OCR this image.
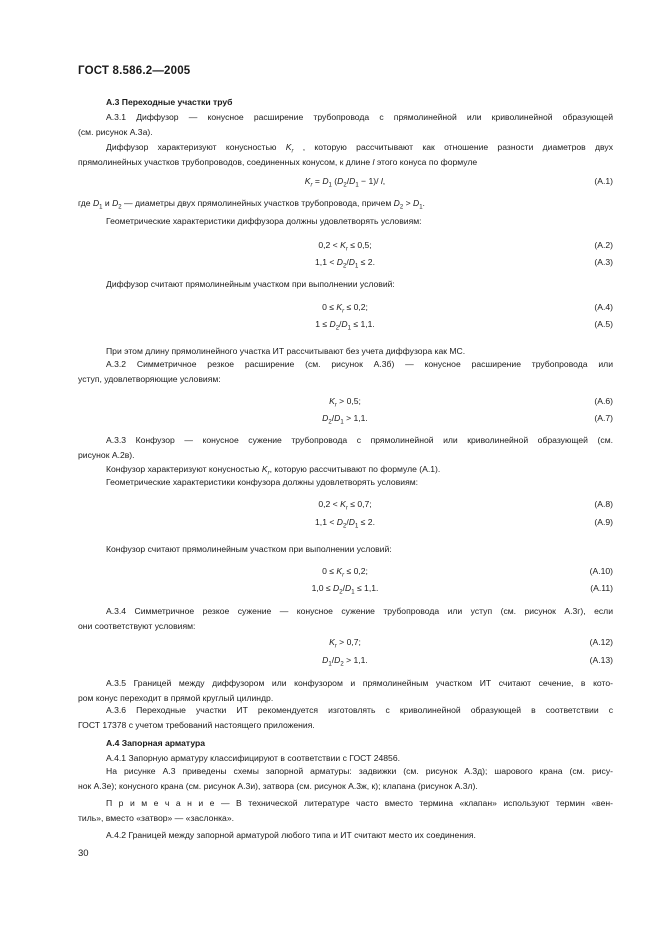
ГОСТ 8.586.2—2005
А.3 Переходные участки труб
А.3.1 Диффузор — конусное расширение трубопровода с прямолинейной или криволинейной образующей
(см. рисунок А.3а).
Диффузор характеризуют конусностью $K_r$ , которую рассчитывают как отношение разности диаметров двух
прямолинейных участков трубопроводов, соединенных конусом, к длине l этого конуса по формуле
$K_r = D_1$ $(D_2/D_1 - 1)/$ l,	(А.1)
где $D_1$ и $D_2$ — диаметры двух прямолинейных участков трубопровода, причем $D_2 > D_1$.
Геометрические характеристики диффузора должны удовлетворять условиям:
$0,2 < K_r \le 0,5$;	(А.2)
$1,1 < D_2/D_1 \le 2$.	(А.3)
Диффузор считают прямолинейным участком при выполнении условий:
$0 \le K_r \le 0,2$;	(А.4)
$1 \le D_2/D_1 \le 1,1$.	(А.5)
При этом длину прямолинейного участка ИТ рассчитывают без учета диффузора как МС.
А.3.2 Симметричное резкое расширение (см. рисунок А.3б) — конусное расширение трубопровода или
уступ, удовлетворяющие условиям:
$K_r > 0,5$;	(А.6)
$D_2/D_1 > 1,1$.	(А.7)
А.3.3 Конфузор — конусное сужение трубопровода с прямолинейной или криволинейной образующей (см.
рисунок А.2в).
Конфузор характеризуют конусностью $K_r$, которую рассчитывают по формуле (А.1).
Геометрические характеристики конфузора должны удовлетворять условиям:
$0,2 < K_r \le 0,7$;	(А.8)
$1,1 < D_2/D_1 \le 2$.	(А.9)
Конфузор считают прямолинейным участком при выполнении условий:
$0 \le K_r \le 0,2$;	(А.10)
$1,0 \le D_2/D_1 \le 1,1$.	(А.11)
А.3.4 Симметричное резкое сужение — конусное сужение трубопровода или уступ (см. рисунок А.3г), если
они соответствуют условиям:
$K_r > 0,7$;	(А.12)
$D_1/D_2 > 1,1$.	(А.13)
А.3.5 Границей между диффузором или конфузором и прямолинейным участком ИТ считают сечение, в кото-
ром конус переходит в прямой круглый цилиндр.
А.3.6 Переходные участки ИТ рекомендуется изготовлять с криволинейной образующей в соответствии с
ГОСТ 17378 с учетом требований настоящего приложения.
А.4 Запорная арматура
А.4.1 Запорную арматуру классифицируют в соответствии с ГОСТ 24856.
На рисунке А.3 приведены схемы запорной арматуры: задвижки (см. рисунок А.3д); шарового крана (см. рису-
нок А.3е); конусного крана (см. рисунок А.3и), затвора (см. рисунок А.3ж, к); клапана (рисунок А.3л).
П р и м е ч а н и е — В технической литературе часто вместо термина «клапан» используют термин «вен-
тиль», вместо «затвор» — «заслонка».
А.4.2 Границей между запорной арматурой любого типа и ИТ считают место их соединения.
30
